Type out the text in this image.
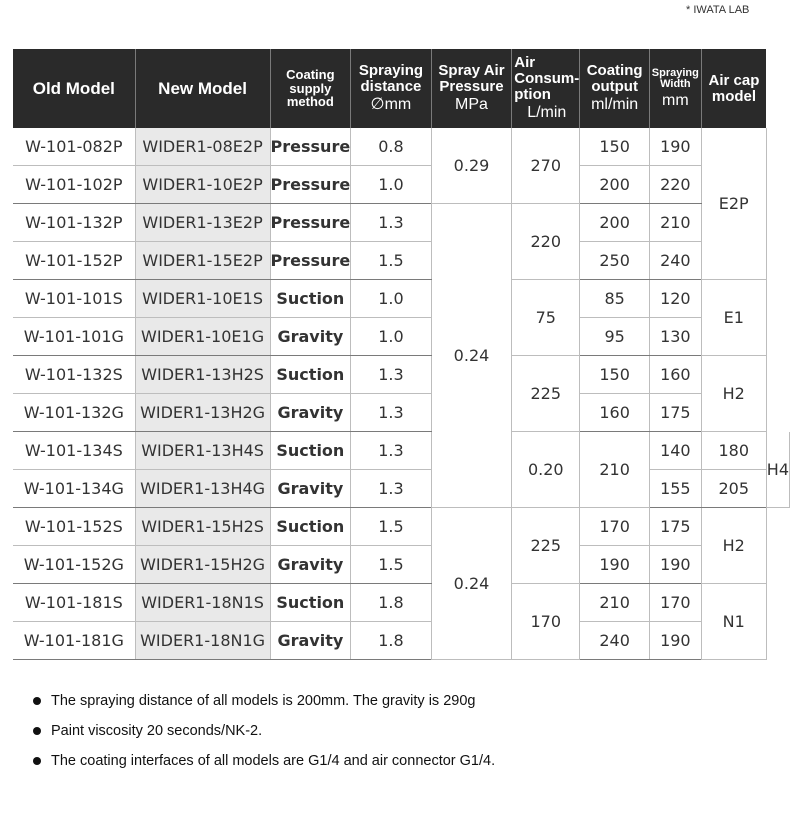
* IWATA LAB
Old Model	New Model	Coating
supply
method	Spraying
distance
∅mm	Spray Air
Pressure
MPa	Air
Consum-
ption
L/min	Coating
output
ml/min	Spraying
Width
mm	Air cap
model	
W-101-082P	WIDER1-08E2P	Pressure	0.8	0.29	270	150	190	E2P	
W-101-102P	WIDER1-10E2P	Pressure	1.0			200	220		
W-101-132P	WIDER1-13E2P	Pressure	1.3	0.24	220	200	210		
W-101-152P	WIDER1-15E2P	Pressure	1.5			250	240		
W-101-101S	WIDER1-10E1S	Suction	1.0		75	85	120	E1	
W-101-101G	WIDER1-10E1G	Gravity	1.0			95	130		
W-101-132S	WIDER1-13H2S	Suction	1.3		225	150	160	H2	
W-101-132G	WIDER1-13H2G	Gravity	1.3			160	175		
W-101-134S	WIDER1-13H4S	Suction	1.3		0.20	210	140	180	H4
W-101-134G	WIDER1-13H4G	Gravity	1.3				155	205	
W-101-152S	WIDER1-15H2S	Suction	1.5	0.24	225	170	175	H2	
W-101-152G	WIDER1-15H2G	Gravity	1.5			190	190		
W-101-181S	WIDER1-18N1S	Suction	1.8		170	210	170	N1	
W-101-181G	WIDER1-18N1G	Gravity	1.8			240	190		
The spraying distance of all models is 200mm. The gravity is 290g
Paint viscosity 20 seconds/NK-2.
The coating interfaces of all models are G1/4 and air connector G1/4.
